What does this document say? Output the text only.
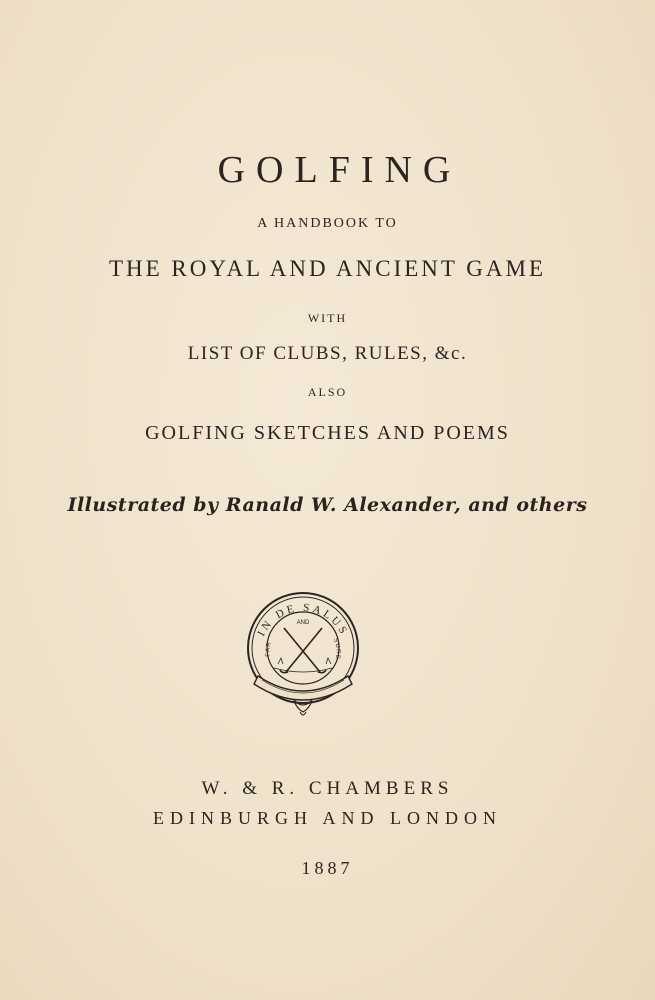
GOLFING
A HANDBOOK TO
THE ROYAL AND ANCIENT GAME
WITH
LIST OF CLUBS, RULES, &c.
ALSO
GOLFING SKETCHES AND POEMS
Illustrated by Ranald W. Alexander, and others
IN DE SALUS
FAR
AND
SURE
W. & R. CHAMBERS
EDINBURGH AND LONDON
1887
